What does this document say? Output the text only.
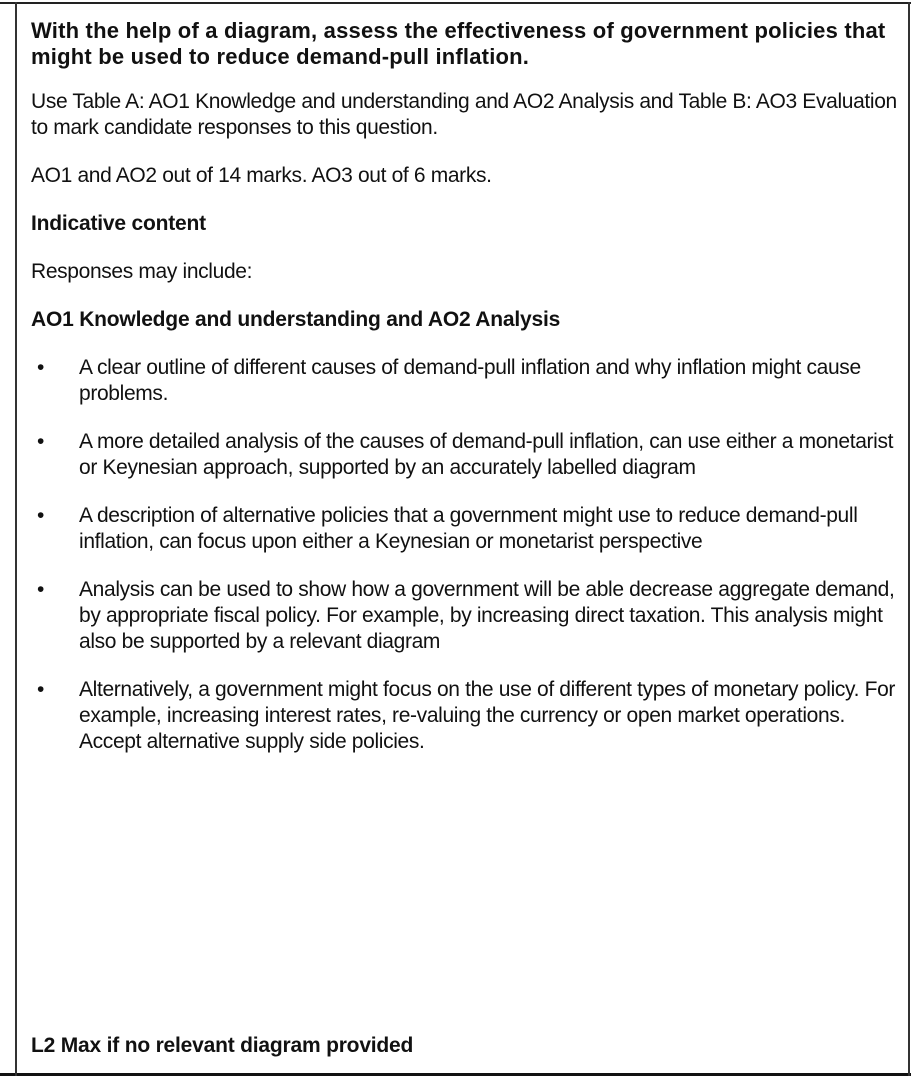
With the help of a diagram, assess the effectiveness of government policies that might be used to reduce demand-pull inflation.

Use Table A: AO1 Knowledge and understanding and AO2 Analysis and Table B: AO3 Evaluation to mark candidate responses to this question.

AO1 and AO2 out of 14 marks. AO3 out of 6 marks.

Indicative content

Responses may include:

AO1 Knowledge and understanding and AO2 Analysis

• A clear outline of different causes of demand-pull inflation and why inflation might cause problems.
• A more detailed analysis of the causes of demand-pull inflation, can use either a monetarist or Keynesian approach, supported by an accurately labelled diagram
• A description of alternative policies that a government might use to reduce demand-pull inflation, can focus upon either a Keynesian or monetarist perspective
• Analysis can be used to show how a government will be able decrease aggregate demand, by appropriate fiscal policy. For example, by increasing direct taxation. This analysis might also be supported by a relevant diagram
• Alternatively, a government might focus on the use of different types of monetary policy. For example, increasing interest rates, re-valuing the currency or open market operations. Accept alternative supply side policies.
L2 Max if no relevant diagram provided
